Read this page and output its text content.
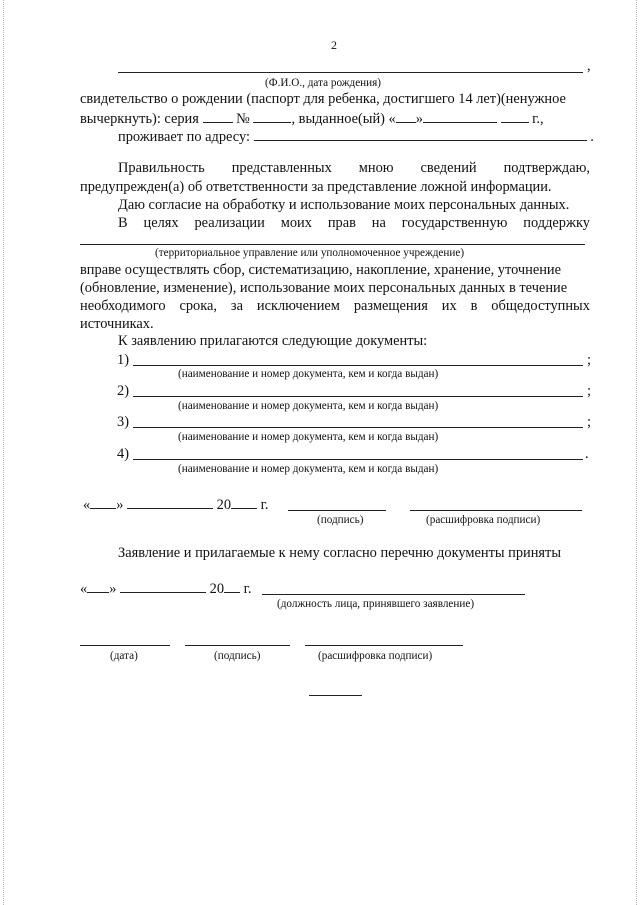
2
,
(Ф.И.О., дата рождения)
свидетельство о рождении (паспорт для ребенка, достигшего 14 лет)(ненужное
вычеркнуть): серия	№	, выданное(ый) « »	г.,
проживает по адресу:	.
Правильность представленных мною сведений подтверждаю,
предупрежден(а) об ответственности за представление ложной информации.
Даю согласие на обработку и использование моих персональных данных.
В целях реализации моих прав на государственную поддержку
(территориальное управление или уполномоченное учреждение)
вправе осуществлять сбор, систематизацию, накопление, хранение, уточнение
(обновление, изменение), использование моих персональных данных в течение
необходимого срока, за исключением размещения их в общедоступных
источниках.
К заявлению прилагаются следующие документы:
1)	;
(наименование и номер документа, кем и когда выдан)
2)	;
(наименование и номер документа, кем и когда выдан)
3)	;
(наименование и номер документа, кем и когда выдан)
4)	.
(наименование и номер документа, кем и когда выдан)
« »	20 г.
(подпись)	(расшифровка подписи)
Заявление и прилагаемые к нему согласно перечню документы приняты
« »	20 г.
(должность лица, принявшего заявление)
(дата)	(подпись)	(расшифровка подписи)
